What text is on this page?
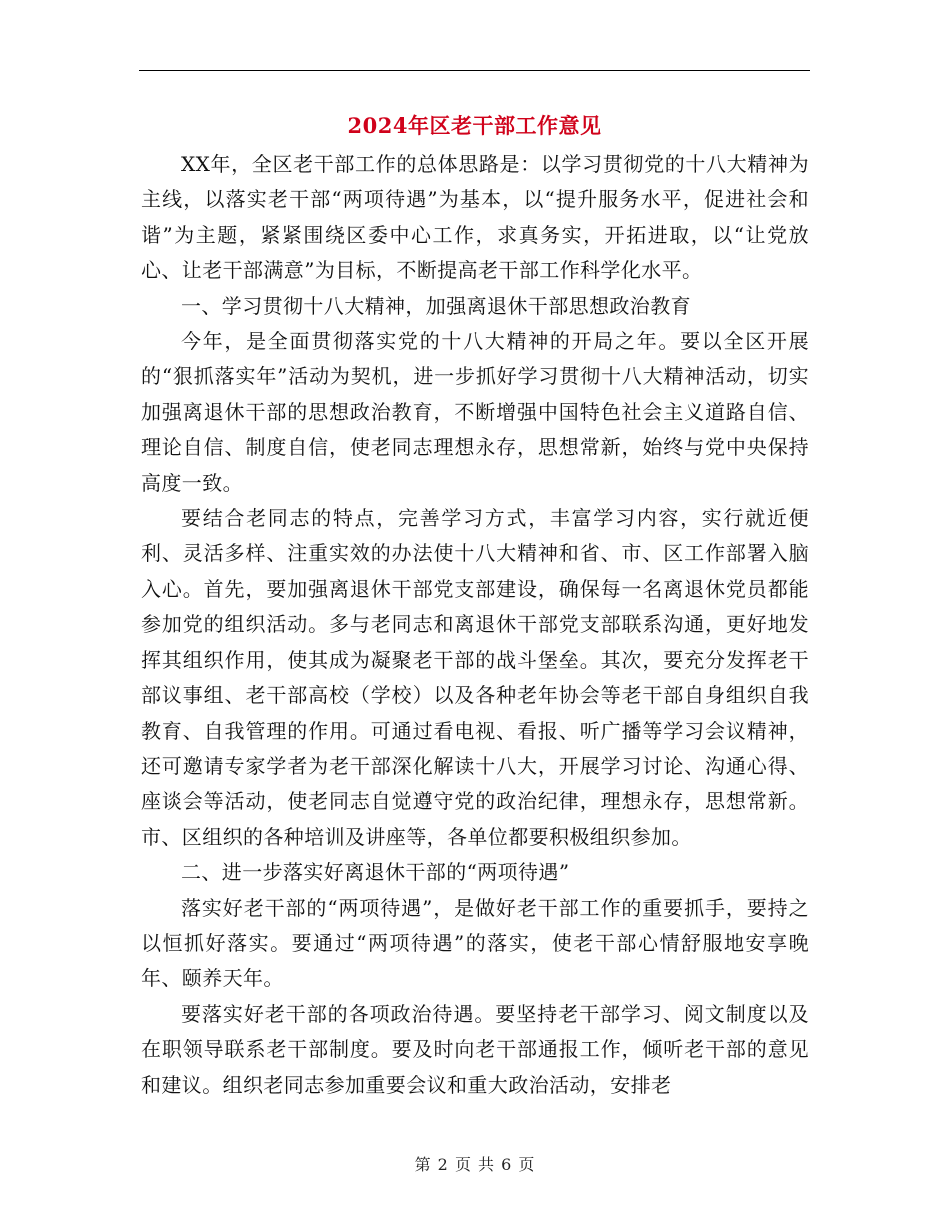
2024年区老干部工作意见

XX年，全区老干部工作的总体思路是：以学习贯彻党的十八大精神为主线，以落实老干部“两项待遇”为基本，以“提升服务水平，促进社会和谐”为主题，紧紧围绕区委中心工作，求真务实，开拓进取，以“让党放心、让老干部满意”为目标，不断提高老干部工作科学化水平。

一、学习贯彻十八大精神，加强离退休干部思想政治教育

今年，是全面贯彻落实党的十八大精神的开局之年。要以全区开展的“狠抓落实年”活动为契机，进一步抓好学习贯彻十八大精神活动，切实加强离退休干部的思想政治教育，不断增强中国特色社会主义道路自信、理论自信、制度自信，使老同志理想永存，思想常新，始终与党中央保持高度一致。

要结合老同志的特点，完善学习方式，丰富学习内容，实行就近便利、灵活多样、注重实效的办法使十八大精神和省、市、区工作部署入脑入心。首先，要加强离退休干部党支部建设，确保每一名离退休党员都能参加党的组织活动。多与老同志和离退休干部党支部联系沟通，更好地发挥其组织作用，使其成为凝聚老干部的战斗堡垒。其次，要充分发挥老干部议事组、老干部高校（学校）以及各种老年协会等老干部自身组织自我教育、自我管理的作用。可通过看电视、看报、听广播等学习会议精神，还可邀请专家学者为老干部深化解读十八大，开展学习讨论、沟通心得、座谈会等活动，使老同志自觉遵守党的政治纪律，理想永存，思想常新。市、区组织的各种培训及讲座等，各单位都要积极组织参加。

二、进一步落实好离退休干部的“两项待遇”

落实好老干部的“两项待遇”，是做好老干部工作的重要抓手，要持之以恒抓好落实。要通过“两项待遇”的落实，使老干部心情舒服地安享晚年、颐养天年。

要落实好老干部的各项政治待遇。要坚持老干部学习、阅文制度以及在职领导联系老干部制度。要及时向老干部通报工作，倾听老干部的意见和建议。组织老同志参加重要会议和重大政治活动，安排老

第 2 页 共 6 页
